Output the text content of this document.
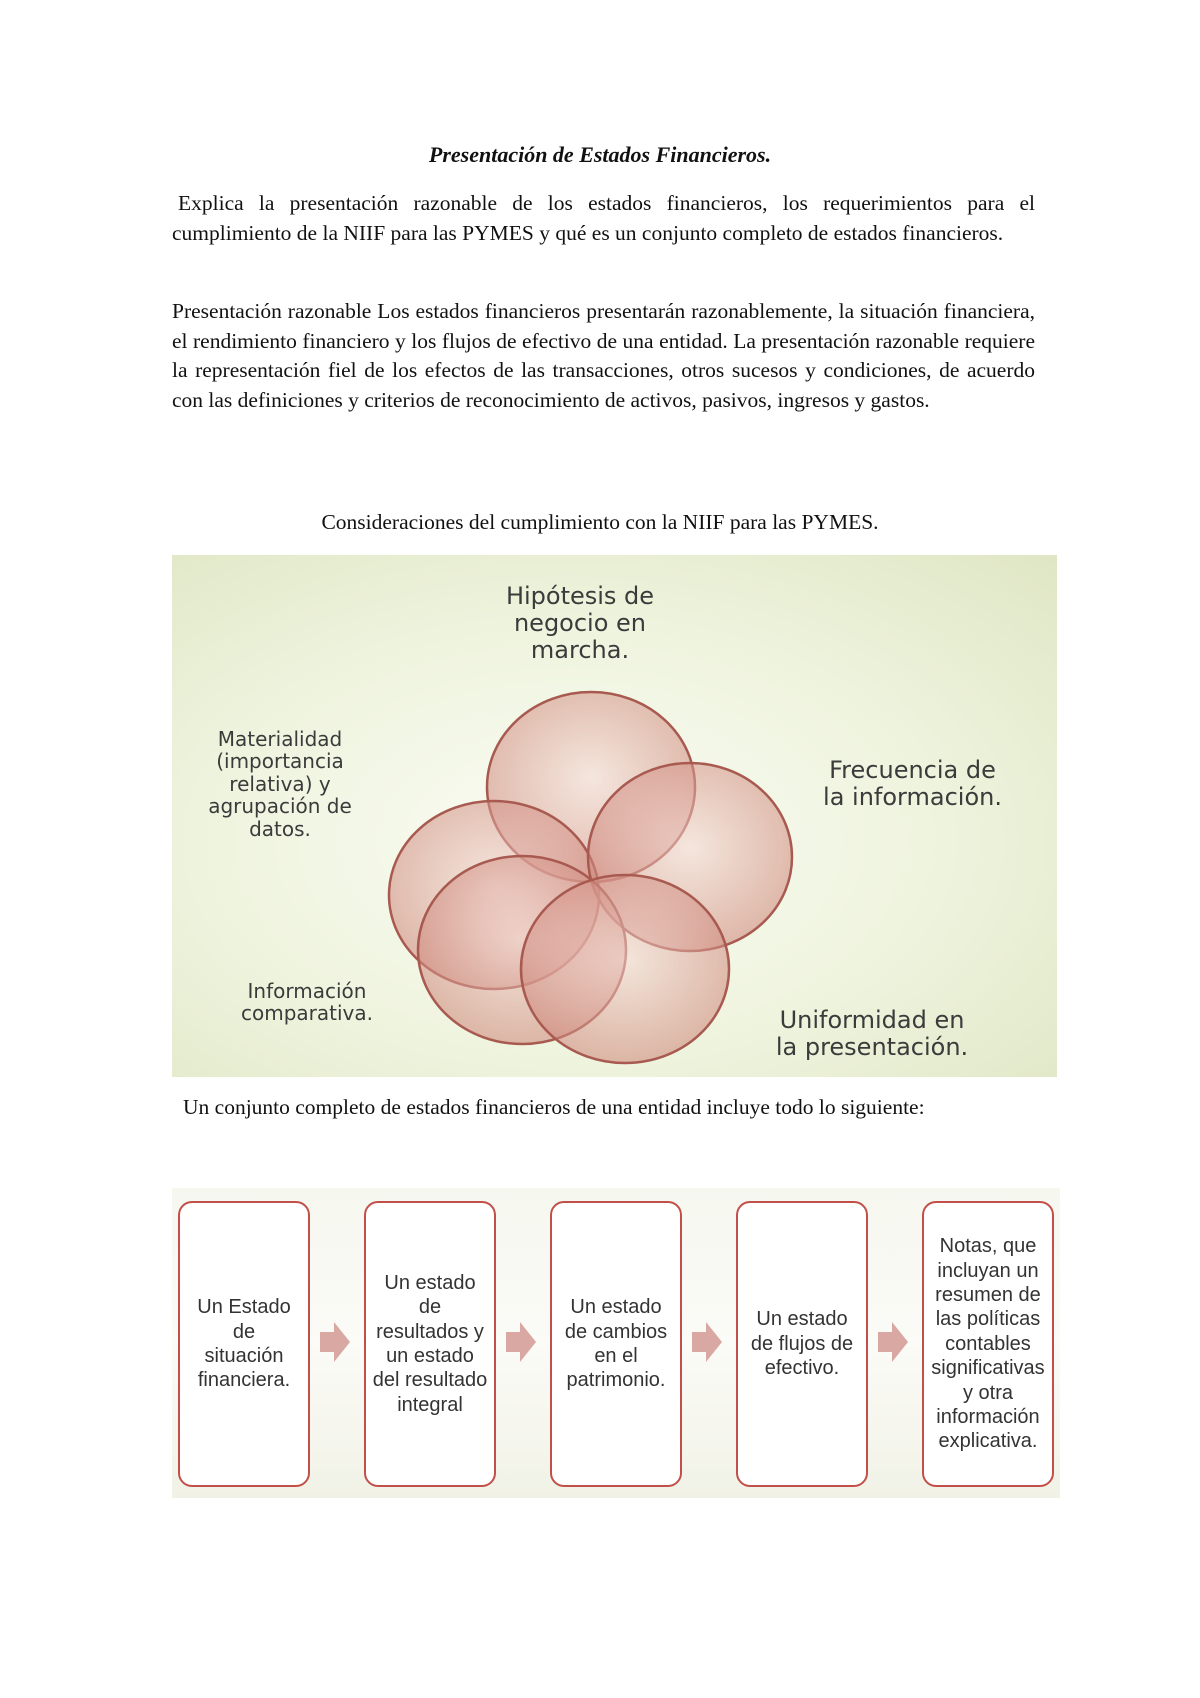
Presentación de Estados Financieros.
Explica la presentación razonable de los estados financieros, los requerimientos para el cumplimiento de la NIIF para las PYMES y qué es un conjunto completo de estados financieros.
Presentación razonable Los estados financieros presentarán razonablemente, la situación financiera, el rendimiento financiero y los flujos de efectivo de una entidad. La presentación razonable requiere la representación fiel de los efectos de las transacciones, otros sucesos y condiciones, de acuerdo con las definiciones y criterios de reconocimiento de activos, pasivos, ingresos y gastos.
Consideraciones del cumplimiento con la NIIF para las PYMES.
Hipótesis de
negocio en
marcha.
Frecuencia de
la información.
Materialidad
(importancia
relativa) y
agrupación de
datos.
Información
comparativa.	Uniformidad en
la presentación.
Un conjunto completo de estados financieros de una entidad incluye todo lo siguiente:
Un Estado de
situación
financiera.
Un estado
de
resultados y
un estado
del resultado
integral
Un estado
de cambios
en el
patrimonio.
Un estado
de flujos de
efectivo.
Notas, que
incluyan un
resumen de
las políticas
contables
significativas
y otra
información
explicativa.
